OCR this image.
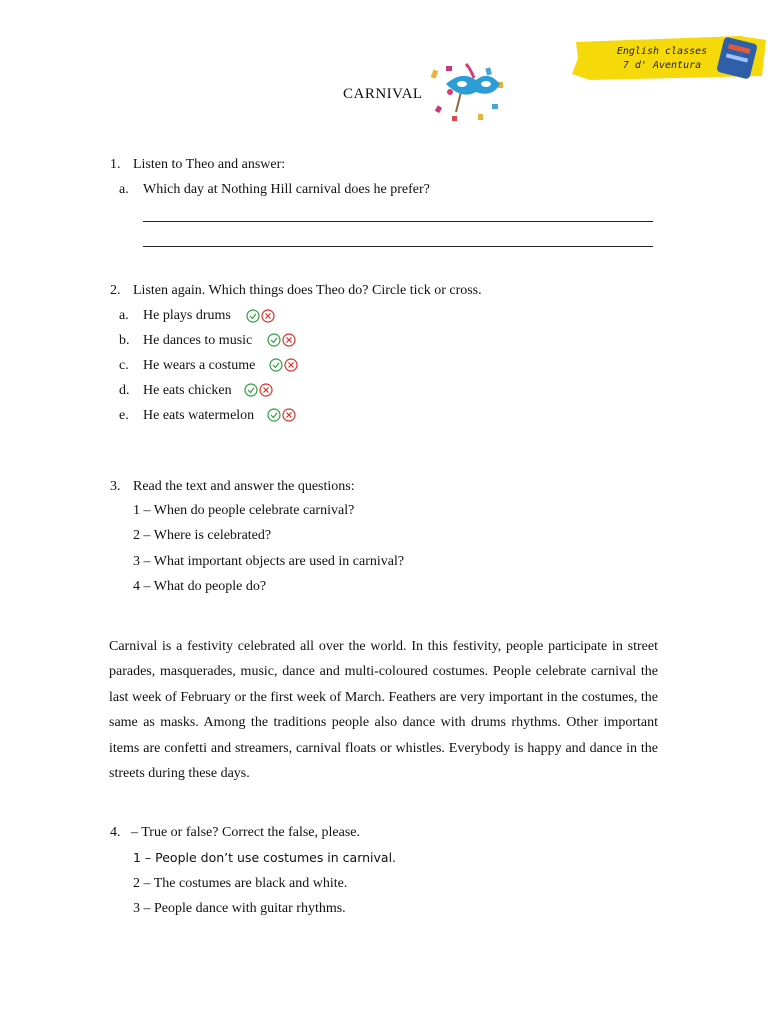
English classes
7 d' Aventura
CARNIVAL
1. Listen to Theo and answer:
a. Which day at Nothing Hill carnival does he prefer?
2. Listen again. Which things does Theo do? Circle tick or cross.
a. He plays drums
b. He dances to music
c. He wears a costume
d. He eats chicken
e. He eats watermelon
3. Read the text and answer the questions:
1 – When do people celebrate carnival?
2 – Where is celebrated?
3 – What important objects are used in carnival?
4 – What do people do?
Carnival is a festivity celebrated all over the world. In this festivity, people participate in street parades, masquerades, music, dance and multi-coloured costumes. People celebrate carnival the last week of February or the first week of March. Feathers are very important in the costumes, the same as masks. Among the traditions people also dance with drums rhythms. Other important items are confetti and streamers, carnival floats or whistles. Everybody is happy and dance in the streets during these days.
4. – True or false? Correct the false, please.
1 – People don’t use costumes in carnival.
2 – The costumes are black and white.
3 – People dance with guitar rhythms.
